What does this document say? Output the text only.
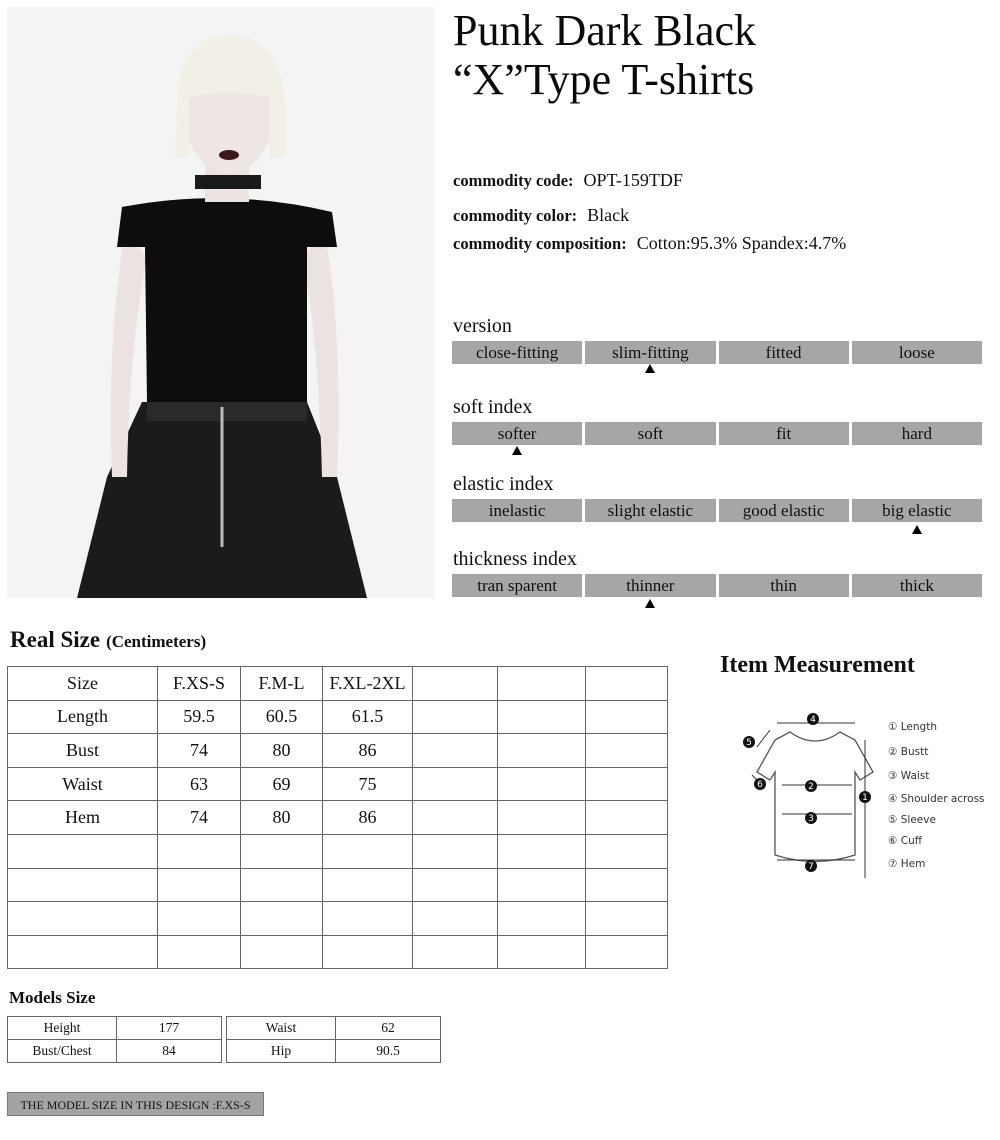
Punk Dark Black
“X”Type T-shirts
commodity code: OPT-159TDF
commodity color: Black
commodity composition: Cotton:95.3% Spandex:4.7%
version
close-fitting	slim-fitting	fitted	loose
soft index
softer	soft	fit	hard
elastic index
inelastic	slight elastic	good elastic	big elastic
thickness index
tran sparent	thinner	thin	thick
Real Size (Centimeters)
Size	F.XS-S	F.M-L	F.XL-2XL			
Length	59.5	60.5	61.5			
Bust	74	80	86			
Waist	63	69	75			
Hem	74	80	86			

Item Measurement
4
2
3
7
1
5
6
① Length
② Bustt
③ Waist
④ Shoulder across
⑤ Sleeve
⑥ Cuff
⑦ Hem
Models Size
Height	177
Bust/Chest	84
Waist	62
Hip	90.5
THE MODEL SIZE IN THIS DESIGN :F.XS-S
